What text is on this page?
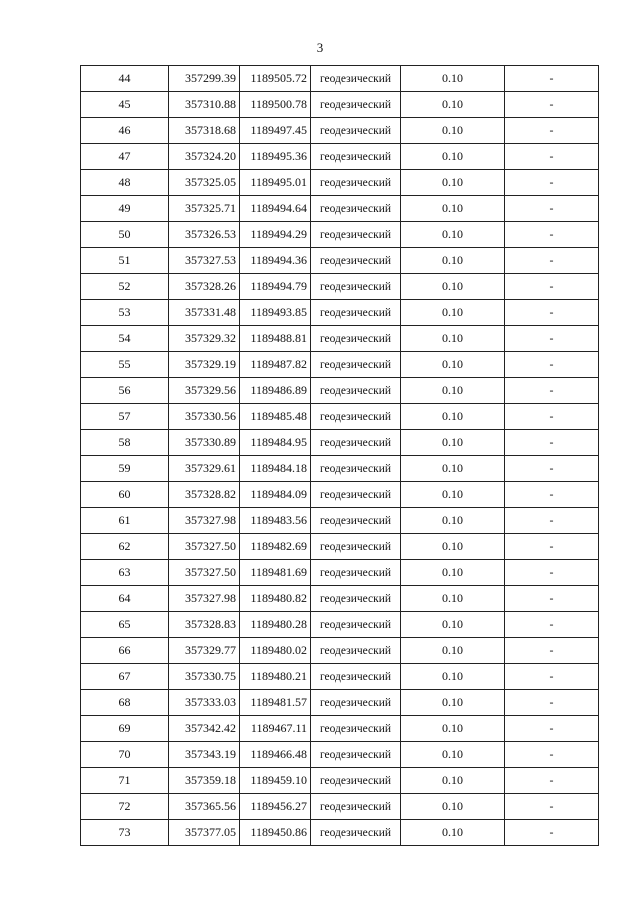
3
44	357299.39	1189505.72	геодезический	0.10	-
45	357310.88	1189500.78	геодезический	0.10	-
46	357318.68	1189497.45	геодезический	0.10	-
47	357324.20	1189495.36	геодезический	0.10	-
48	357325.05	1189495.01	геодезический	0.10	-
49	357325.71	1189494.64	геодезический	0.10	-
50	357326.53	1189494.29	геодезический	0.10	-
51	357327.53	1189494.36	геодезический	0.10	-
52	357328.26	1189494.79	геодезический	0.10	-
53	357331.48	1189493.85	геодезический	0.10	-
54	357329.32	1189488.81	геодезический	0.10	-
55	357329.19	1189487.82	геодезический	0.10	-
56	357329.56	1189486.89	геодезический	0.10	-
57	357330.56	1189485.48	геодезический	0.10	-
58	357330.89	1189484.95	геодезический	0.10	-
59	357329.61	1189484.18	геодезический	0.10	-
60	357328.82	1189484.09	геодезический	0.10	-
61	357327.98	1189483.56	геодезический	0.10	-
62	357327.50	1189482.69	геодезический	0.10	-
63	357327.50	1189481.69	геодезический	0.10	-
64	357327.98	1189480.82	геодезический	0.10	-
65	357328.83	1189480.28	геодезический	0.10	-
66	357329.77	1189480.02	геодезический	0.10	-
67	357330.75	1189480.21	геодезический	0.10	-
68	357333.03	1189481.57	геодезический	0.10	-
69	357342.42	1189467.11	геодезический	0.10	-
70	357343.19	1189466.48	геодезический	0.10	-
71	357359.18	1189459.10	геодезический	0.10	-
72	357365.56	1189456.27	геодезический	0.10	-
73	357377.05	1189450.86	геодезический	0.10	-
